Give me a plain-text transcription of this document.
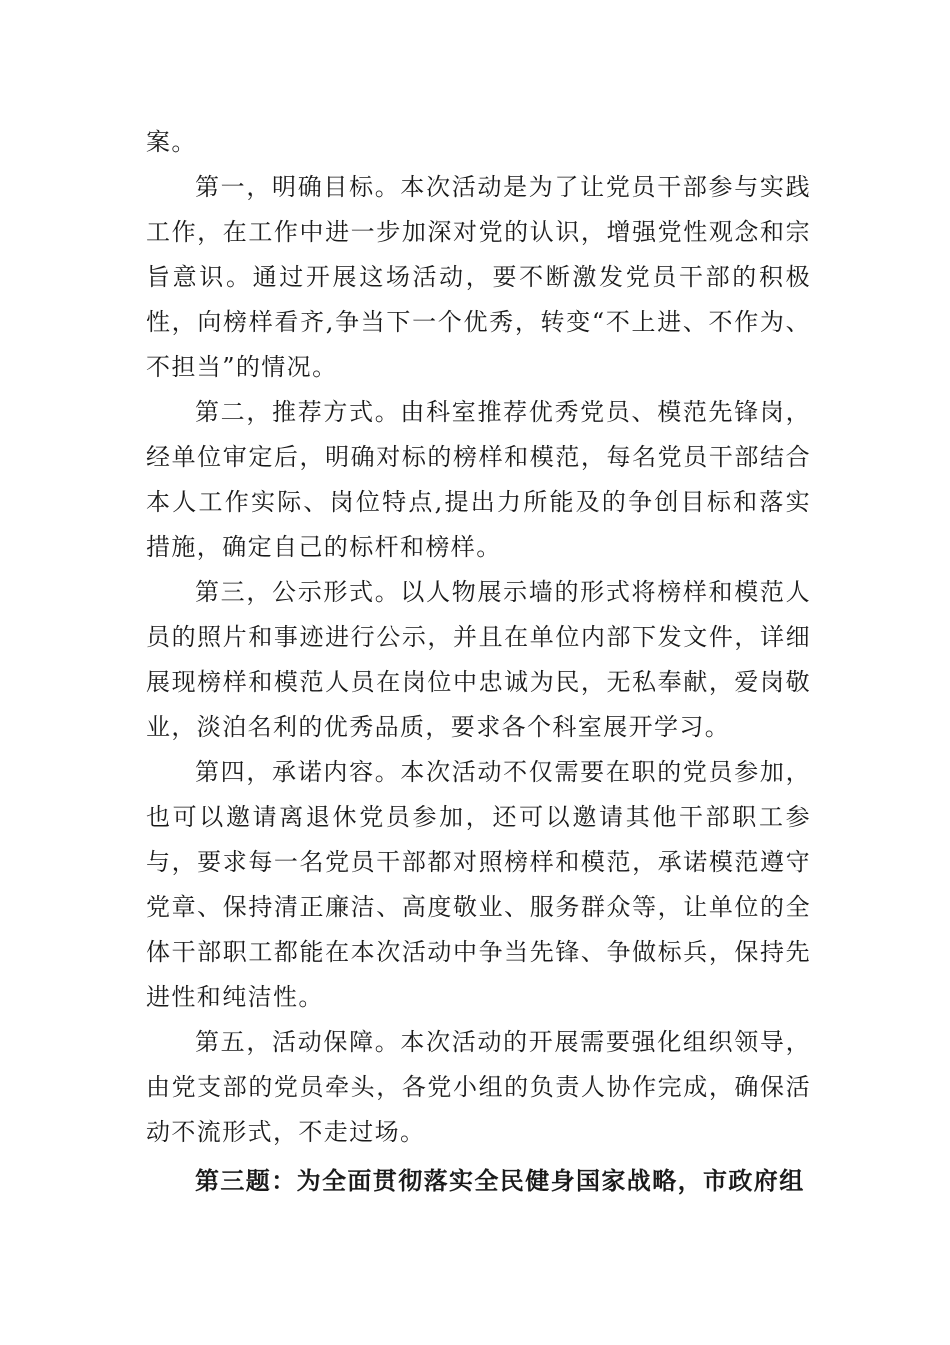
案。

第一，明确目标。本次活动是为了让党员干部参与实践工作，在工作中进一步加深对党的认识，增强党性观念和宗旨意识。通过开展这场活动，要不断激发党员干部的积极性，向榜样看齐,争当下一个优秀，转变“不上进、不作为、不担当”的情况。

第二，推荐方式。由科室推荐优秀党员、模范先锋岗，经单位审定后，明确对标的榜样和模范，每名党员干部结合本人工作实际、岗位特点,提出力所能及的争创目标和落实措施，确定自己的标杆和榜样。

第三，公示形式。以人物展示墙的形式将榜样和模范人员的照片和事迹进行公示，并且在单位内部下发文件，详细展现榜样和模范人员在岗位中忠诚为民，无私奉献，爱岗敬业，淡泊名利的优秀品质，要求各个科室展开学习。

第四，承诺内容。本次活动不仅需要在职的党员参加，也可以邀请离退休党员参加，还可以邀请其他干部职工参与，要求每一名党员干部都对照榜样和模范，承诺模范遵守党章、保持清正廉洁、高度敬业、服务群众等，让单位的全体干部职工都能在本次活动中争当先锋、争做标兵，保持先进性和纯洁性。

第五，活动保障。本次活动的开展需要强化组织领导，由党支部的党员牵头，各党小组的负责人协作完成，确保活动不流形式，不走过场。

第三题：为全面贯彻落实全民健身国家战略，市政府组
